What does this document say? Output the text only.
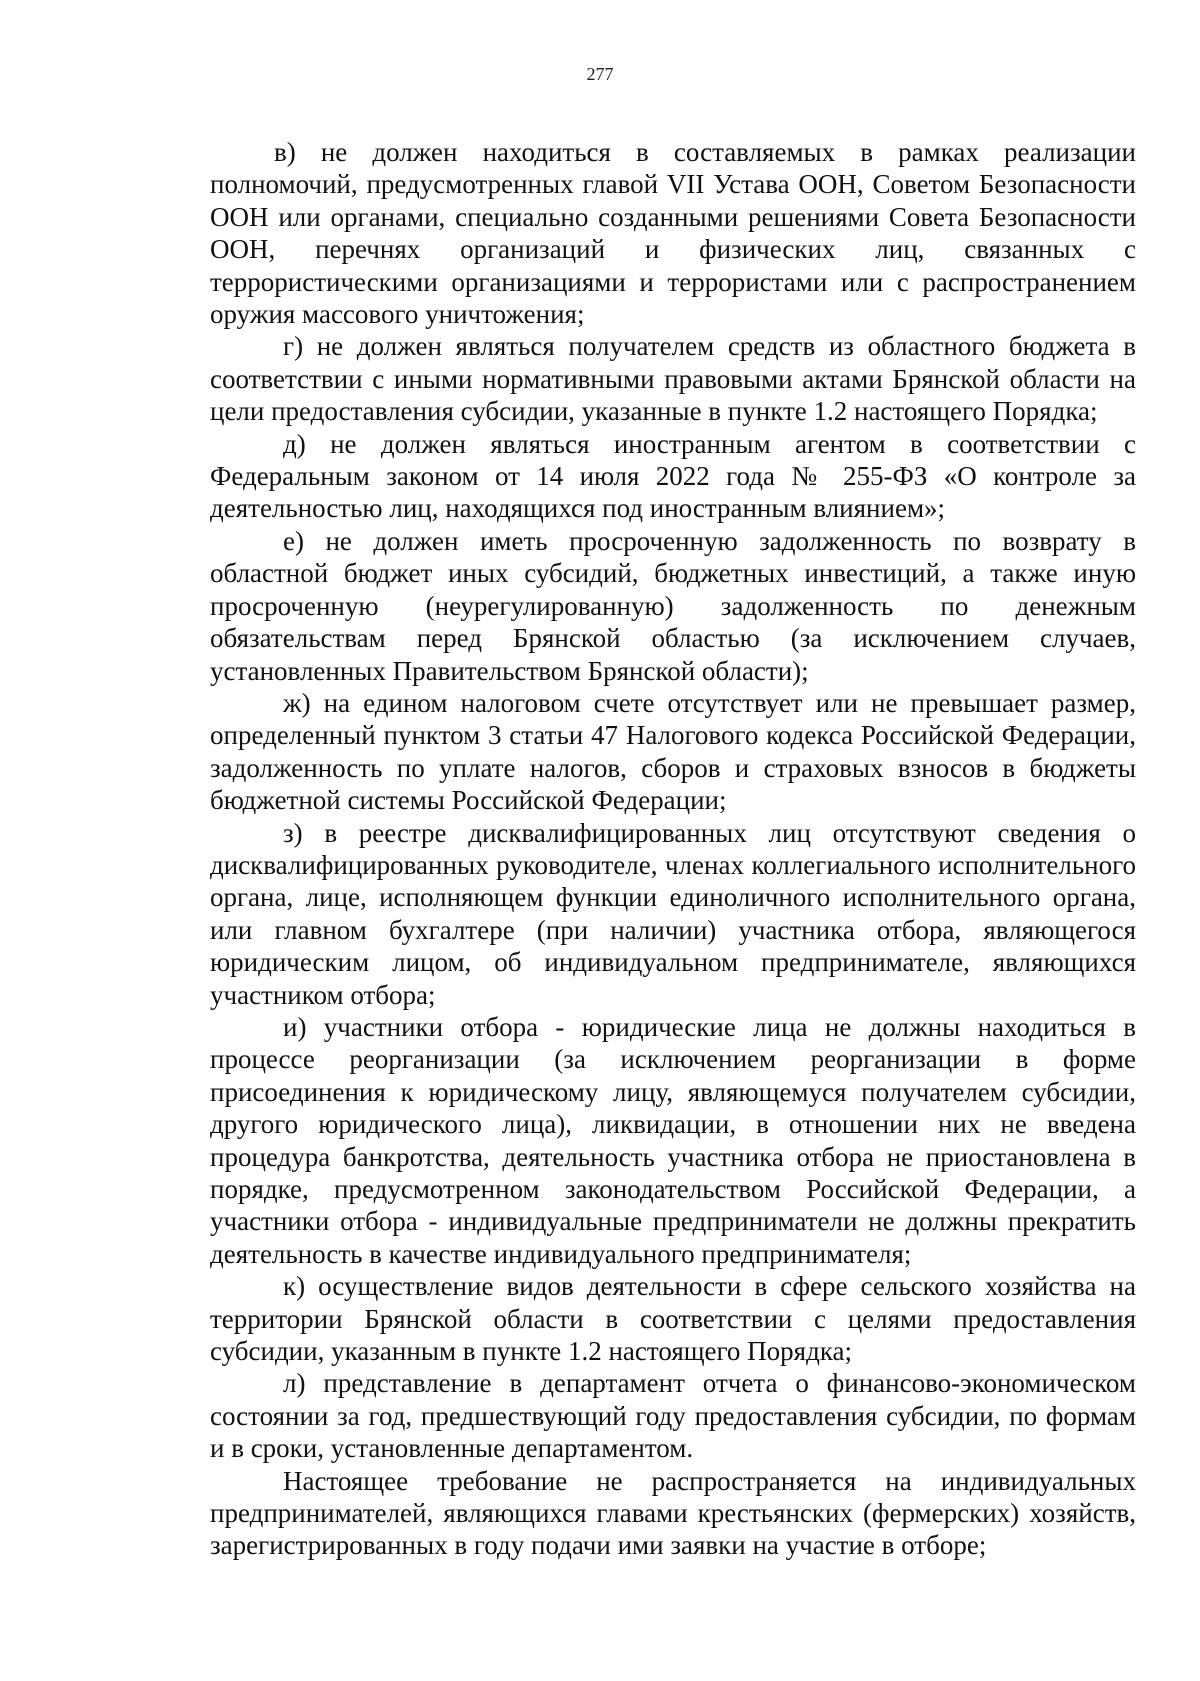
277

в) не должен находиться в составляемых в рамках реализации полномочий, предусмотренных главой VII Устава ООН, Советом Безопасности ООН или органами, специально созданными решениями Совета Безопасности ООН, перечнях организаций и физических лиц, связанных с террористическими организациями и террористами или с распространением оружия массового уничтожения;

г) не должен являться получателем средств из областного бюджета в соответствии с иными нормативными правовыми актами Брянской области на цели предоставления субсидии, указанные в пункте 1.2 настоящего Порядка;

д) не должен являться иностранным агентом в соответствии с Федеральным законом от 14 июля 2022 года № 255-ФЗ «О контроле за деятельностью лиц, находящихся под иностранным влиянием»;

е) не должен иметь просроченную задолженность по возврату в областной бюджет иных субсидий, бюджетных инвестиций, а также иную просроченную (неурегулированную) задолженность по денежным обязательствам перед Брянской областью (за исключением случаев, установленных Правительством Брянской области);

ж) на едином налоговом счете отсутствует или не превышает размер, определенный пунктом 3 статьи 47 Налогового кодекса Российской Федерации, задолженность по уплате налогов, сборов и страховых взносов в бюджеты бюджетной системы Российской Федерации;

з) в реестре дисквалифицированных лиц отсутствуют сведения о дисквалифицированных руководителе, членах коллегиального исполнительного органа, лице, исполняющем функции единоличного исполнительного органа, или главном бухгалтере (при наличии) участника отбора, являющегося юридическим лицом, об индивидуальном предпринимателе, являющихся участником отбора;

и) участники отбора - юридические лица не должны находиться в процессе реорганизации (за исключением реорганизации в форме присоединения к юридическому лицу, являющемуся получателем субсидии, другого юридического лица), ликвидации, в отношении них не введена процедура банкротства, деятельность участника отбора не приостановлена в порядке, предусмотренном законодательством Российской Федерации, а участники отбора - индивидуальные предприниматели не должны прекратить деятельность в качестве индивидуального предпринимателя;

к) осуществление видов деятельности в сфере сельского хозяйства на территории Брянской области в соответствии с целями предоставления субсидии, указанным в пункте 1.2 настоящего Порядка;

л) представление в департамент отчета о финансово-экономическом состоянии за год, предшествующий году предоставления субсидии, по формам и в сроки, установленные департаментом.

Настоящее требование не распространяется на индивидуальных предпринимателей, являющихся главами крестьянских (фермерских) хозяйств, зарегистрированных в году подачи ими заявки на участие в отборе;
